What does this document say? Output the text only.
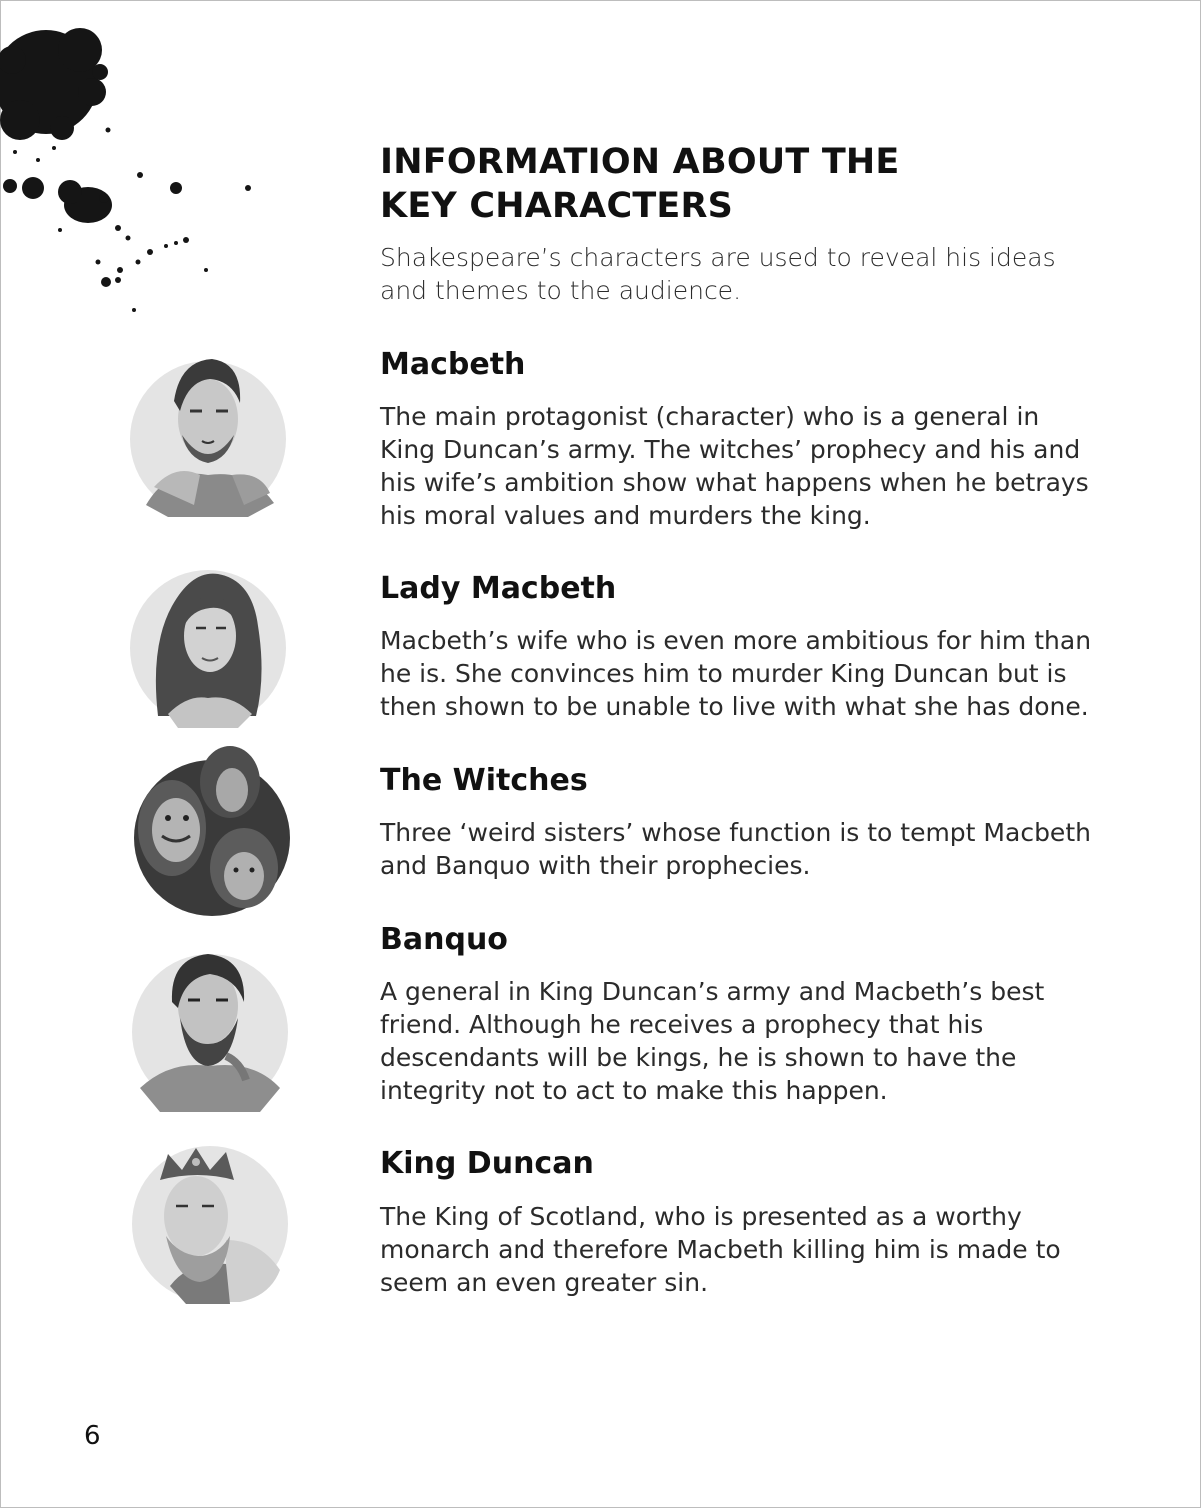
INFORMATION ABOUT THE
KEY CHARACTERS

Shakespeare’s characters are used to reveal his ideas and themes to the audience.

Macbeth

The main protagonist (character) who is a general in King Duncan’s army. The witches’ prophecy and his and his wife’s ambition show what happens when he betrays his moral values and murders the king.

Lady Macbeth

Macbeth’s wife who is even more ambitious for him than he is. She convinces him to murder King Duncan but is then shown to be unable to live with what she has done.

The Witches

Three ‘weird sisters’ whose function is to tempt Macbeth and Banquo with their prophecies.

Banquo

A general in King Duncan’s army and Macbeth’s best friend. Although he receives a prophecy that his descendants will be kings, he is shown to have the integrity not to act to make this happen.

King Duncan

The King of Scotland, who is presented as a worthy monarch and therefore Macbeth killing him is made to seem an even greater sin.

6
